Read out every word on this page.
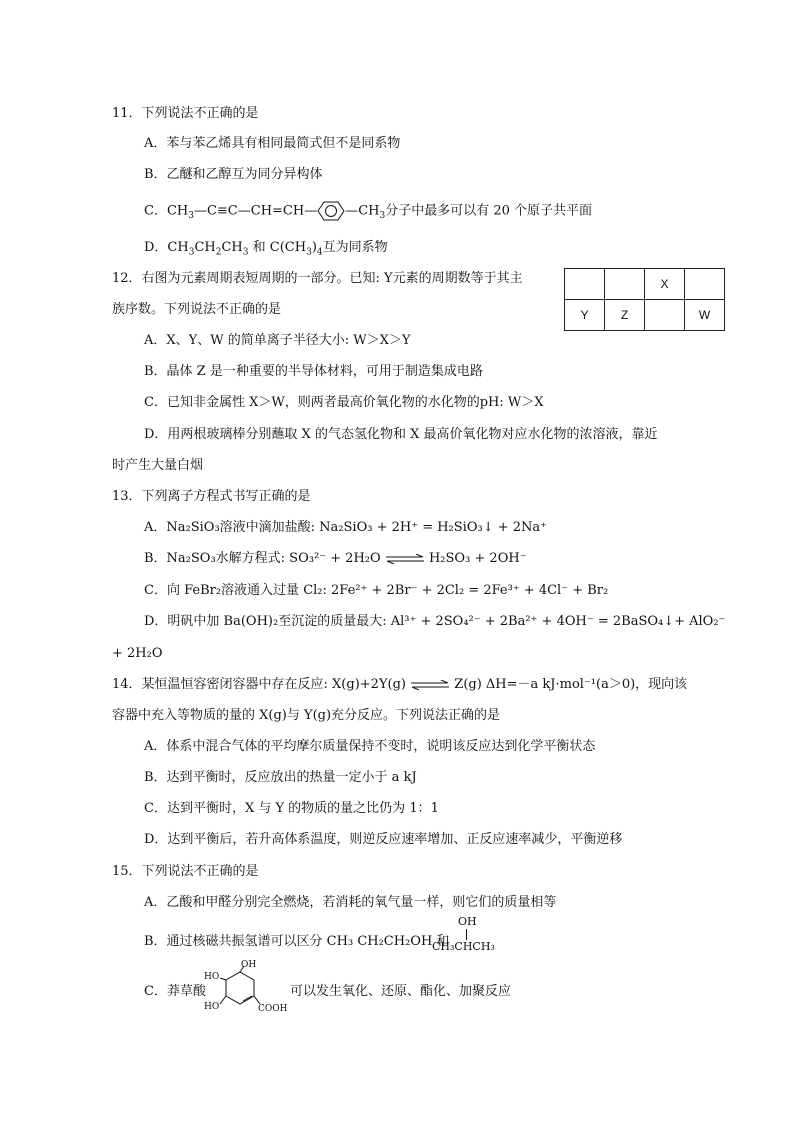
11．下列说法不正确的是
A．苯与苯乙烯具有相同最简式但不是同系物
B．乙醚和乙醇互为同分异构体
C．$CH_3—C\equiv C—CH=CH—$ $—CH_3$分子中最多可以有 20 个原子共平面
D．$CH_3CH_2CH_3$ 和 $C(CH_3)_4$互为同系物
12．右图为元素周期表短周期的一部分。已知: Y元素的周期数等于其主
族序数。下列说法不正确的是
		X	
Y	Z		W
A．X、Y、W 的简单离子半径大小: W＞X＞Y
B．晶体 Z 是一种重要的半导体材料，可用于制造集成电路
C．已知非金属性 X＞W，则两者最高价氧化物的水化物的pH: W＞X
D．用两根玻璃棒分别蘸取 X 的气态氢化物和 X 最高价氧化物对应水化物的浓溶液，靠近
时产生大量白烟
13．下列离子方程式书写正确的是
A．Na₂SiO₃溶液中滴加盐酸: Na₂SiO₃ + 2H⁺ = H₂SiO₃↓ + 2Na⁺
B．Na₂SO₃水解方程式: SO₃²⁻ + 2H₂O ⇌ H₂SO₃ + 2OH⁻
C．向 FeBr₂溶液通入过量 Cl₂: 2Fe²⁺ + 2Br⁻ + 2Cl₂ = 2Fe³⁺ + 4Cl⁻ + Br₂
D．明矾中加 Ba(OH)₂至沉淀的质量最大: Al³⁺ + 2SO₄²⁻ + 2Ba²⁺ + 4OH⁻ = 2BaSO₄↓+ AlO₂⁻
+ 2H₂O
14．某恒温恒容密闭容器中存在反应: X(g)+2Y(g) ⇌ Z(g) ΔH=－a kJ·mol⁻¹(a＞0)，现向该
容器中充入等物质的量的 X(g)与 Y(g)充分反应。下列说法正确的是
A．体系中混合气体的平均摩尔质量保持不变时，说明该反应达到化学平衡状态
B．达到平衡时，反应放出的热量一定小于 a kJ
C．达到平衡时，X 与 Y 的物质的量之比仍为 1：1
D．达到平衡后，若升高体系温度，则逆反应速率增加、正反应速率减少，平衡逆移
15．下列说法不正确的是
A．乙酸和甲醛分别完全燃烧，若消耗的氧气量一样，则它们的质量相等
B．通过核磁共振氢谱可以区分 CH₃ CH₂CH₂OH 和
OH
CH₃CHCH₃
C．莽草酸
OH
HO
HO	COOH
可以发生氧化、还原、酯化、加聚反应
